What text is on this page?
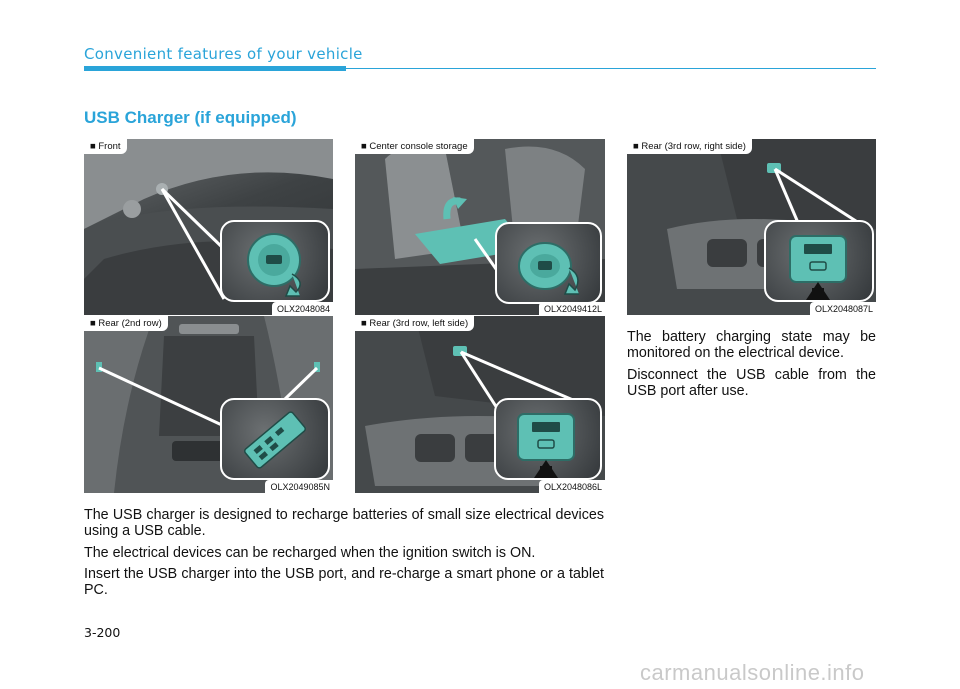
Convenient features of your vehicle
USB Charger (if equipped)
■ Front
OLX2048084
■ Center console storage
OLX2049412L
■ Rear (3rd row, right side)
OLX2048087L
■ Rear (2nd row)
OLX2049085N
■ Rear (3rd row, left side)
OLX2048086L

The USB charger is designed to recharge batteries of small size electrical devices using a USB cable.

The electrical devices can be recharged when the ignition switch is ON.

Insert the USB charger into the USB port, and re-charge a smart phone or a tablet PC.

The battery charging state may be monitored on the electrical device.

Disconnect the USB cable from the USB port after use.

3-200
carmanualsonline.info
